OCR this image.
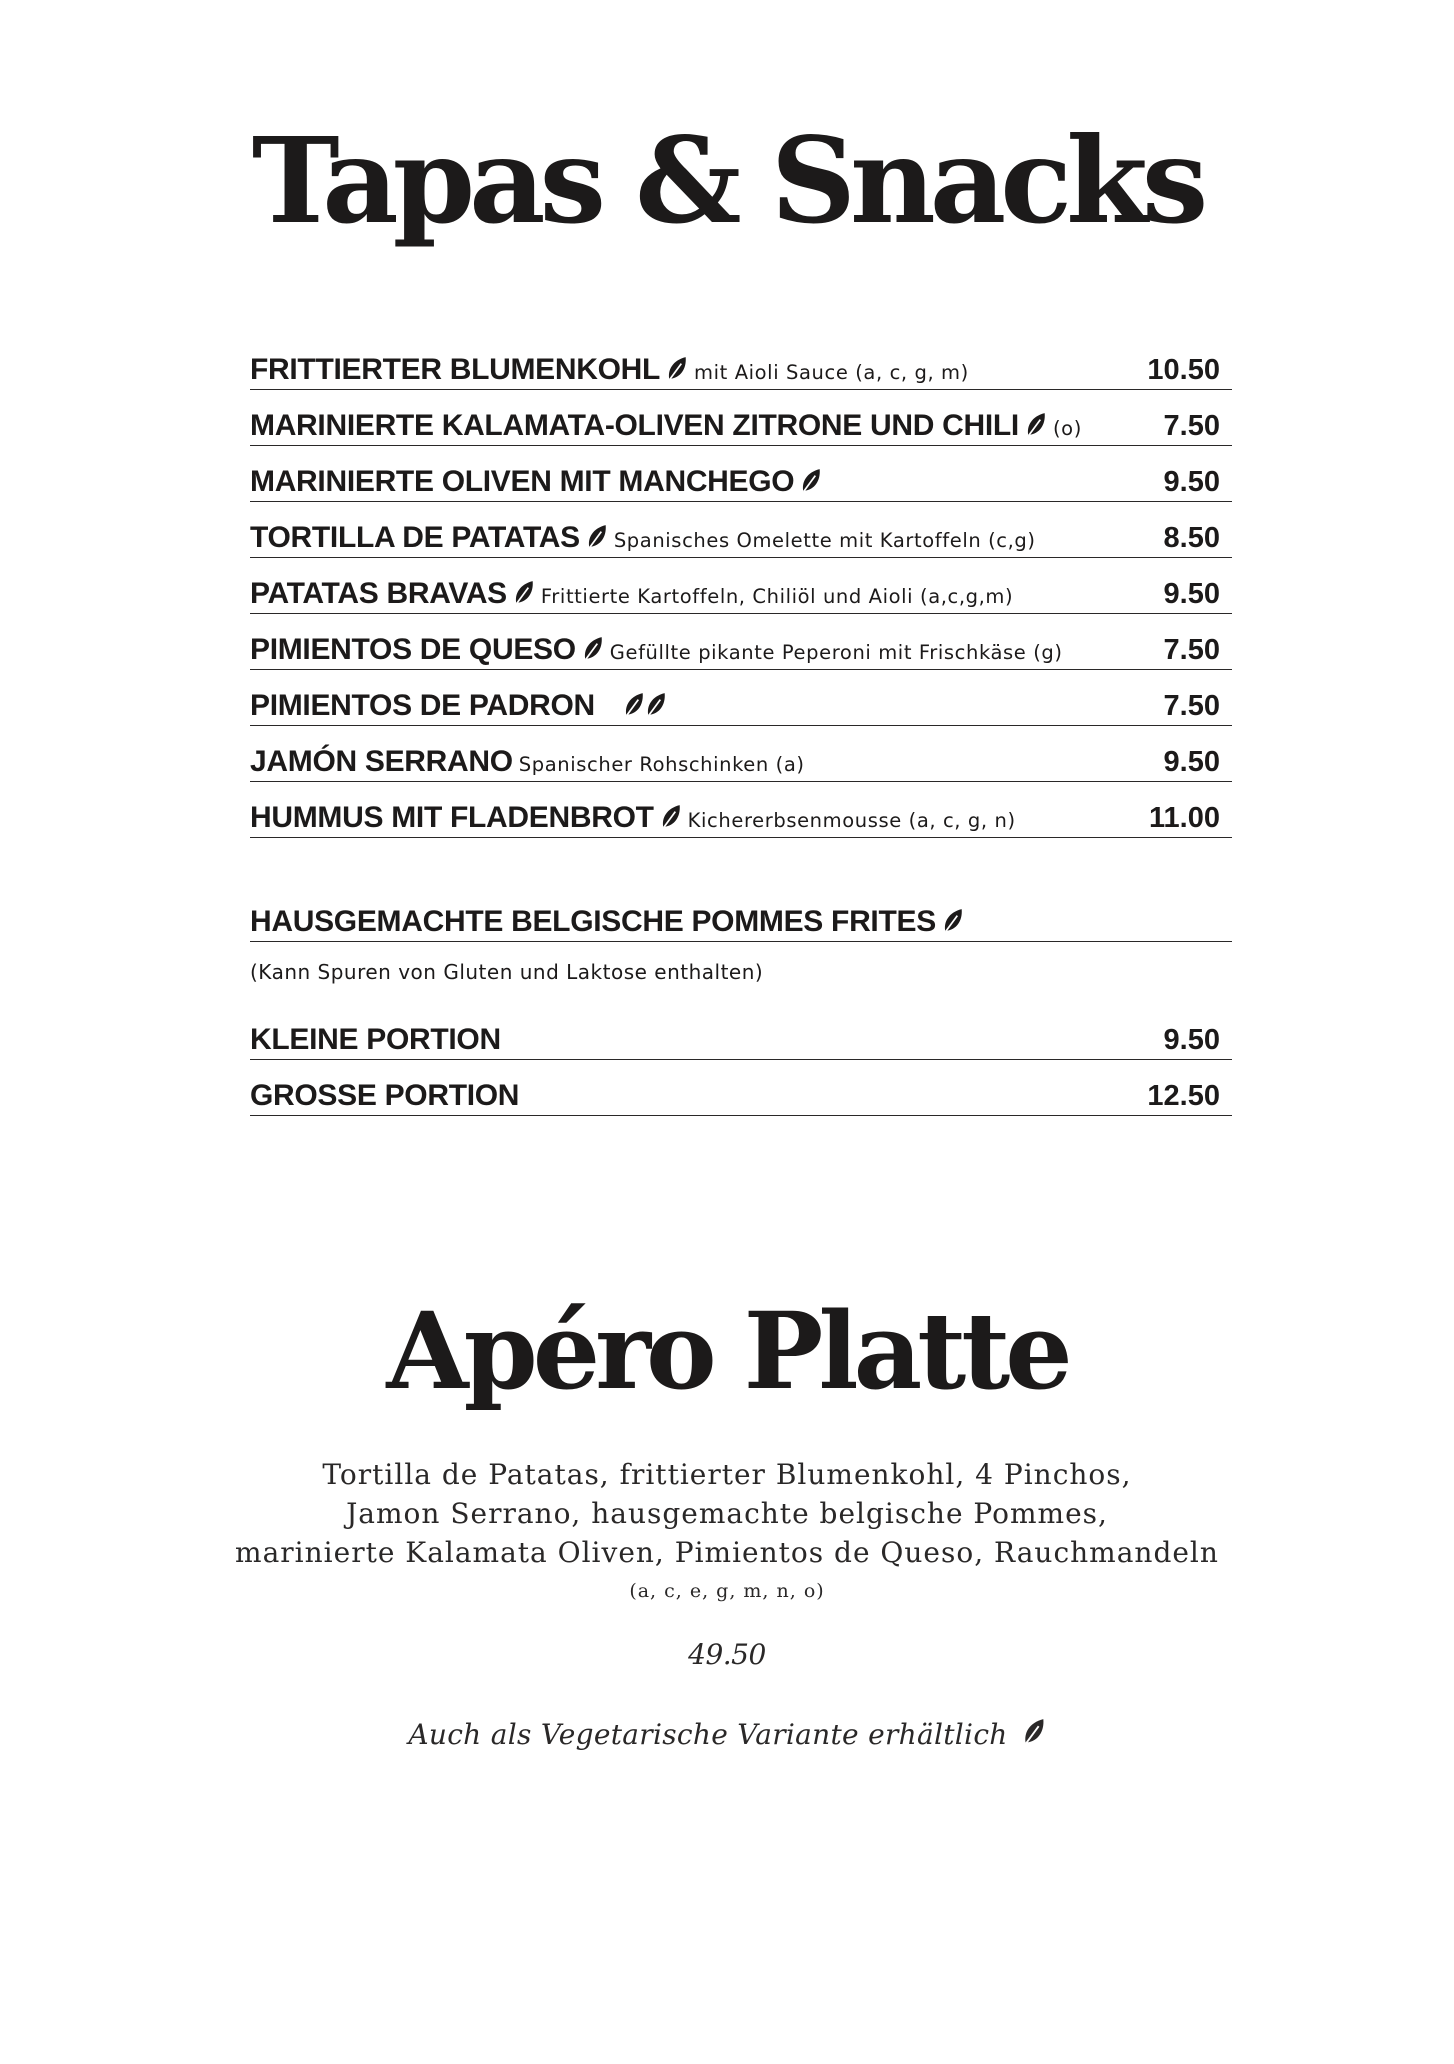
Tapas & Snacks
FRITTIERTER BLUMENKOHL mit Aioli Sauce (a, c, g, m)	10.50
MARINIERTE KALAMATA-OLIVEN ZITRONE UND CHILI (o)	7.50
MARINIERTE OLIVEN MIT MANCHEGO	9.50
TORTILLA DE PATATAS Spanisches Omelette mit Kartoffeln (c,g)	8.50
PATATAS BRAVAS Frittierte Kartoffeln, Chiliöl und Aioli (a,c,g,m)	9.50
PIMIENTOS DE QUESO Gefüllte pikante Peperoni mit Frischkäse (g)	7.50
PIMIENTOS DE PADRON	7.50
JAMÓN SERRANO Spanischer Rohschinken (a)	9.50
HUMMUS MIT FLADENBROT Kichererbsenmousse (a, c, g, n)	11.00
HAUSGEMACHTE BELGISCHE POMMES FRITES
(Kann Spuren von Gluten und Laktose enthalten)
KLEINE PORTION	9.50
GROSSE PORTION	12.50
Apéro Platte
Tortilla de Patatas, frittierter Blumenkohl, 4 Pinchos,
Jamon Serrano, hausgemachte belgische Pommes,
marinierte Kalamata Oliven, Pimientos de Queso, Rauchmandeln
(a, c, e, g, m, n, o)
49.50
Auch als Vegetarische Variante erhältlich
